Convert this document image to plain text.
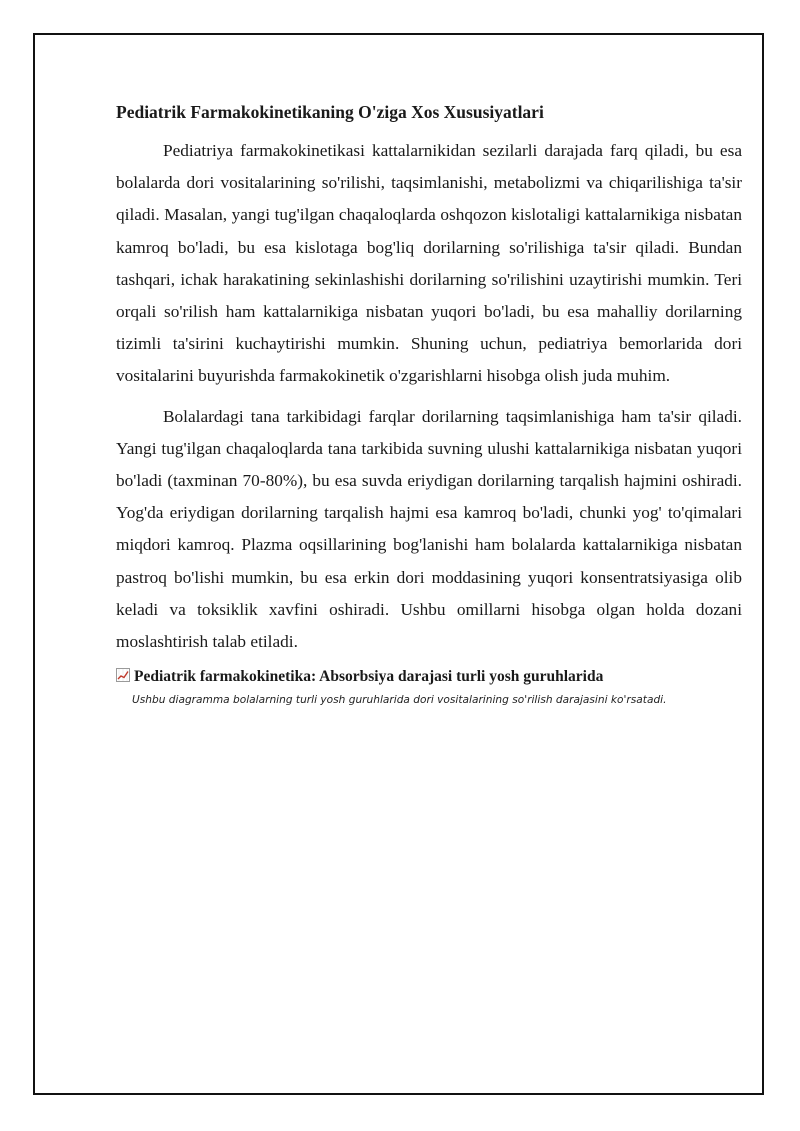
Pediatrik Farmakokinetikaning O'ziga Xos Xususiyatlari

Pediatriya farmakokinetikasi kattalarnikidan sezilarli darajada farq qiladi, bu esa bolalarda dori vositalarining so'rilishi, taqsimlanishi, metabolizmi va chiqarilishiga ta'sir qiladi. Masalan, yangi tug'ilgan chaqaloqlarda oshqozon kislotaligi kattalarnikiga nisbatan kamroq bo'ladi, bu esa kislotaga bog'liq dorilarning so'rilishiga ta'sir qiladi. Bundan tashqari, ichak harakatining sekinlashishi dorilarning so'rilishini uzaytirishi mumkin. Teri orqali so'rilish ham kattalarnikiga nisbatan yuqori bo'ladi, bu esa mahalliy dorilarning tizimli ta'sirini kuchaytirishi mumkin. Shuning uchun, pediatriya bemorlarida dori vositalarini buyurishda farmakokinetik o'zgarishlarni hisobga olish juda muhim.

Bolalardagi tana tarkibidagi farqlar dorilarning taqsimlanishiga ham ta'sir qiladi. Yangi tug'ilgan chaqaloqlarda tana tarkibida suvning ulushi kattalarnikiga nisbatan yuqori bo'ladi (taxminan 70-80%), bu esa suvda eriydigan dorilarning tarqalish hajmini oshiradi. Yog'da eriydigan dorilarning tarqalish hajmi esa kamroq bo'ladi, chunki yog' to'qimalari miqdori kamroq. Plazma oqsillarining bog'lanishi ham bolalarda kattalarnikiga nisbatan pastroq bo'lishi mumkin, bu esa erkin dori moddasining yuqori konsentratsiyasiga olib keladi va toksiklik xavfini oshiradi. Ushbu omillarni hisobga olgan holda dozani moslashtirish talab etiladi.

Pediatrik farmakokinetika: Absorbsiya darajasi turli yosh guruhlarida
Ushbu diagramma bolalarning turli yosh guruhlarida dori vositalarining so'rilish darajasini ko'rsatadi.
